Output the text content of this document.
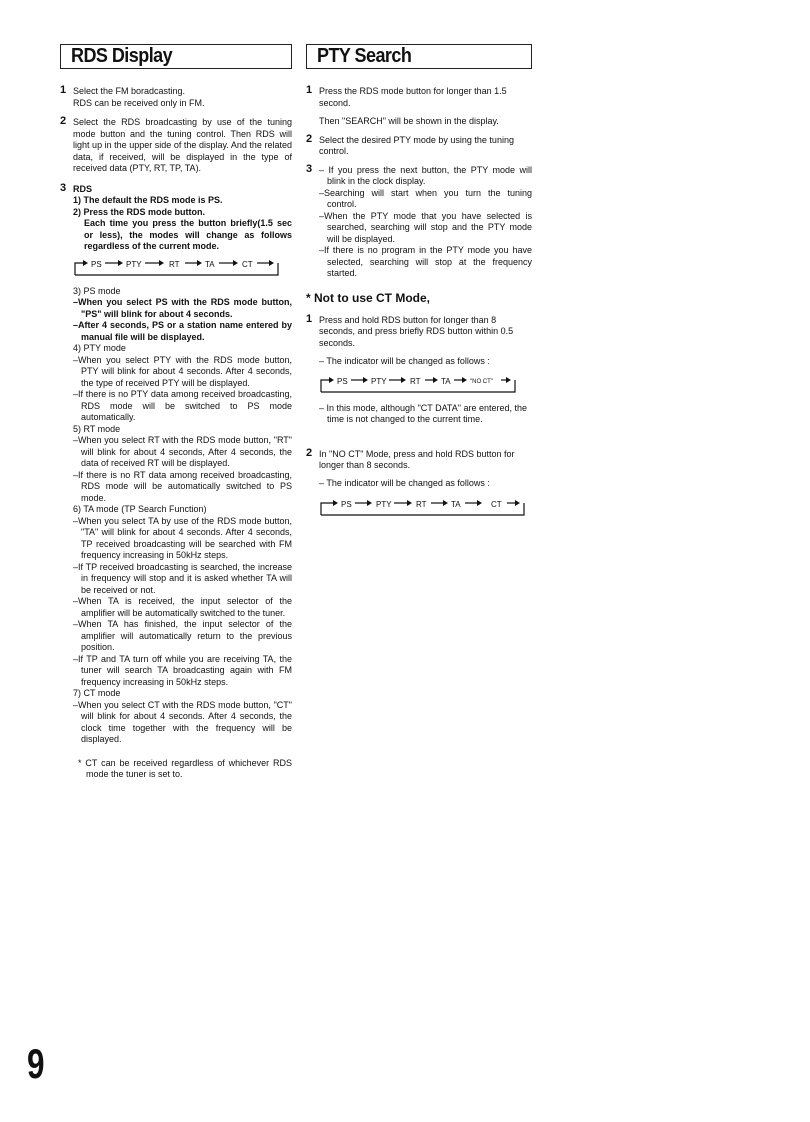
RDS Display
1 Select the FM boradcasting.

RDS can be received only in FM.

2 Select the RDS broadcasting by use of the tuning mode button and the tuning control. Then RDS will light up in the upper side of the display. And the related data, if received, will be displayed in the type of received data (PTY, RT, TP, TA).

3 RDS

1) The default the RDS mode is PS.

2) Press the RDS mode button.

Each time you press the button briefly(1.5 sec or less), the modes will change as follows regardless of the current mode.

PS	PTY	RT	TA	CT

3) PS mode

–When you select PS with the RDS mode button, "PS" will blink for about 4 seconds.

–After 4 seconds, PS or a station name entered by manual file will be displayed.

4) PTY mode

–When you select PTY with the RDS mode button, PTY will blink for about 4 seconds. After 4 seconds, the type of received PTY will be displayed.

–If there is no PTY data among received broadcasting, RDS mode will be switched to PS mode automatically.

5) RT mode

–When you select RT with the RDS mode button, "RT" will blink for about 4 seconds, After 4 seconds, the data of received RT will be displayed.

–If there is no RT data among received broadcasting, RDS mode will be automatically switched to PS mode.

6) TA mode (TP Search Function)

–When you select TA by use of the RDS mode button, "TA" will blink for about 4 seconds. After 4 seconds, TP received broadcasting will be searched with FM frequency increasing in 50kHz steps.

–If TP received broadcasting is searched, the increase in frequency will stop and it is asked whether TA will be received or not.

–When TA is received, the input selector of the amplifier will be automatically switched to the tuner.

–When TA has finished, the input selector of the amplifier will automatically return to the previous position.

–If TP and TA turn off while you are receiving TA, the tuner will search TA broadcasting again with FM frequency increasing in 50kHz steps.

7) CT mode

–When you select CT with the RDS mode button, "CT" will blink for about 4 seconds. After 4 seconds, the clock time together with the frequency will be displayed.

* CT can be received regardless of whichever RDS mode the tuner is set to.

PTY Search
1 Press the RDS mode button for longer than 1.5 second.

Then "SEARCH" will be shown in the display.

2 Select the desired PTY mode by using the tuning control.

3 – If you press the next button, the PTY mode will blink in the clock display.

–Searching will start when you turn the tuning control.

–When the PTY mode that you have selected is searched, searching will stop and the PTY mode will be displayed.

–If there is no program in the PTY mode you have selected, searching will stop at the frequency started.

* Not to use CT Mode,
1 Press and hold RDS button for longer than 8 seconds, and press briefly RDS button within 0.5 seconds.

– The indicator will be changed as follows :

PS	PTY	RT	TA	"NO CT"

– In this mode, although "CT DATA" are entered, the time is not changed to the current time.

2 In "NO CT" Mode, press and hold RDS button for longer than 8 seconds.

– The indicator will be changed as follows :

PS	PTY	RT	TA	CT
9
